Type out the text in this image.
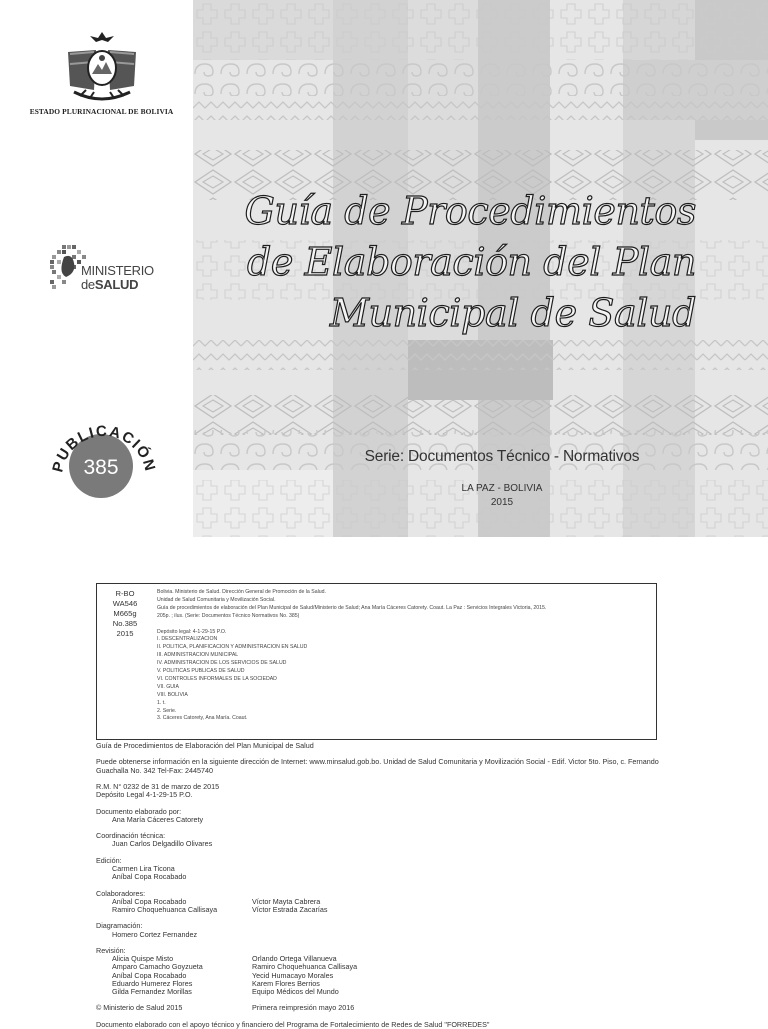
ESTADO PLURINACIONAL DE BOLIVIA
MINISTERIO
deSALUD
PUBLICACIÓN
385
Guía de Procedimientos
de Elaboración del Plan
Municipal de Salud
Serie: Documentos Técnico - Normativos
LA PAZ - BOLIVIA
2015
R-BO
WA546
M665g
No.385
2015
Bolivia. Ministerio de Salud. Dirección General de Promoción de la Salud.
Unidad de Salud Comunitaria y Movilización Social.
Guía de procedimientos de elaboración del Plan Municipal de Salud/Ministerio de Salud; Ana María Cáceres Catorety. Coaut. La Paz : Servicios Integrales Victoria, 2015.
205p. ; ilus. (Serie: Documentos Técnico Normativos No. 385)
Depósito legal: 4-1-29-15 P.O.
I. DESCENTRALIZACION
II. POLITICA, PLANIFICACION Y ADMINISTRACION EN SALUD
III. ADMINISTRACION MUNICIPAL
IV. ADMINISTRACION DE LOS SERVICIOS DE SALUD
V. POLITICAS PUBLICAS DE SALUD
VI. CONTROLES INFORMALES DE LA SOCIEDAD
VII. GUIA
VIII. BOLIVIA
1. t.
2. Serie.
3. Cáceres Catorety, Ana María. Coaut.
Guía de Procedimientos de Elaboración del Plan Municipal de Salud
Puede obtenerse información en la siguiente dirección de Internet: www.minsalud.gob.bo. Unidad de Salud Comunitaria y Movilización Social - Edif. Victor 5to. Piso, c. Fernando
Guachalla No. 342 Tel-Fax: 2445740
R.M. N° 0232 de 31 de marzo de 2015
Depósito Legal 4-1-29-15 P.O.
Documento elaborado por:
Ana María Cáceres Catorety
Coordinación técnica:
Juan Carlos Delgadillo Olivares
Edición:
Carmen Lira Ticona
Aníbal Copa Rocabado
Colaboradores:
Aníbal Copa Rocabado	Víctor Mayta Cabrera
Ramiro Choquehuanca Callisaya	Víctor Estrada Zacarías
Diagramación:
Homero Cortez Fernandez
Revisión:
Alicia Quispe Misto	Orlando Ortega Villanueva
Amparo Camacho Goyzueta	Ramiro Choquehuanca Callisaya
Aníbal Copa Rocabado	Yecid Humacayo Morales
Eduardo Humerez Flores	Karem Flores Berrios
Gilda Fernandez Morillas	Equipo Médicos del Mundo
© Ministerio de Salud 2015	Primera reimpresión mayo 2016
Documento elaborado con el apoyo técnico y financiero del Programa de Fortalecimiento de Redes de Salud "FORREDES"
